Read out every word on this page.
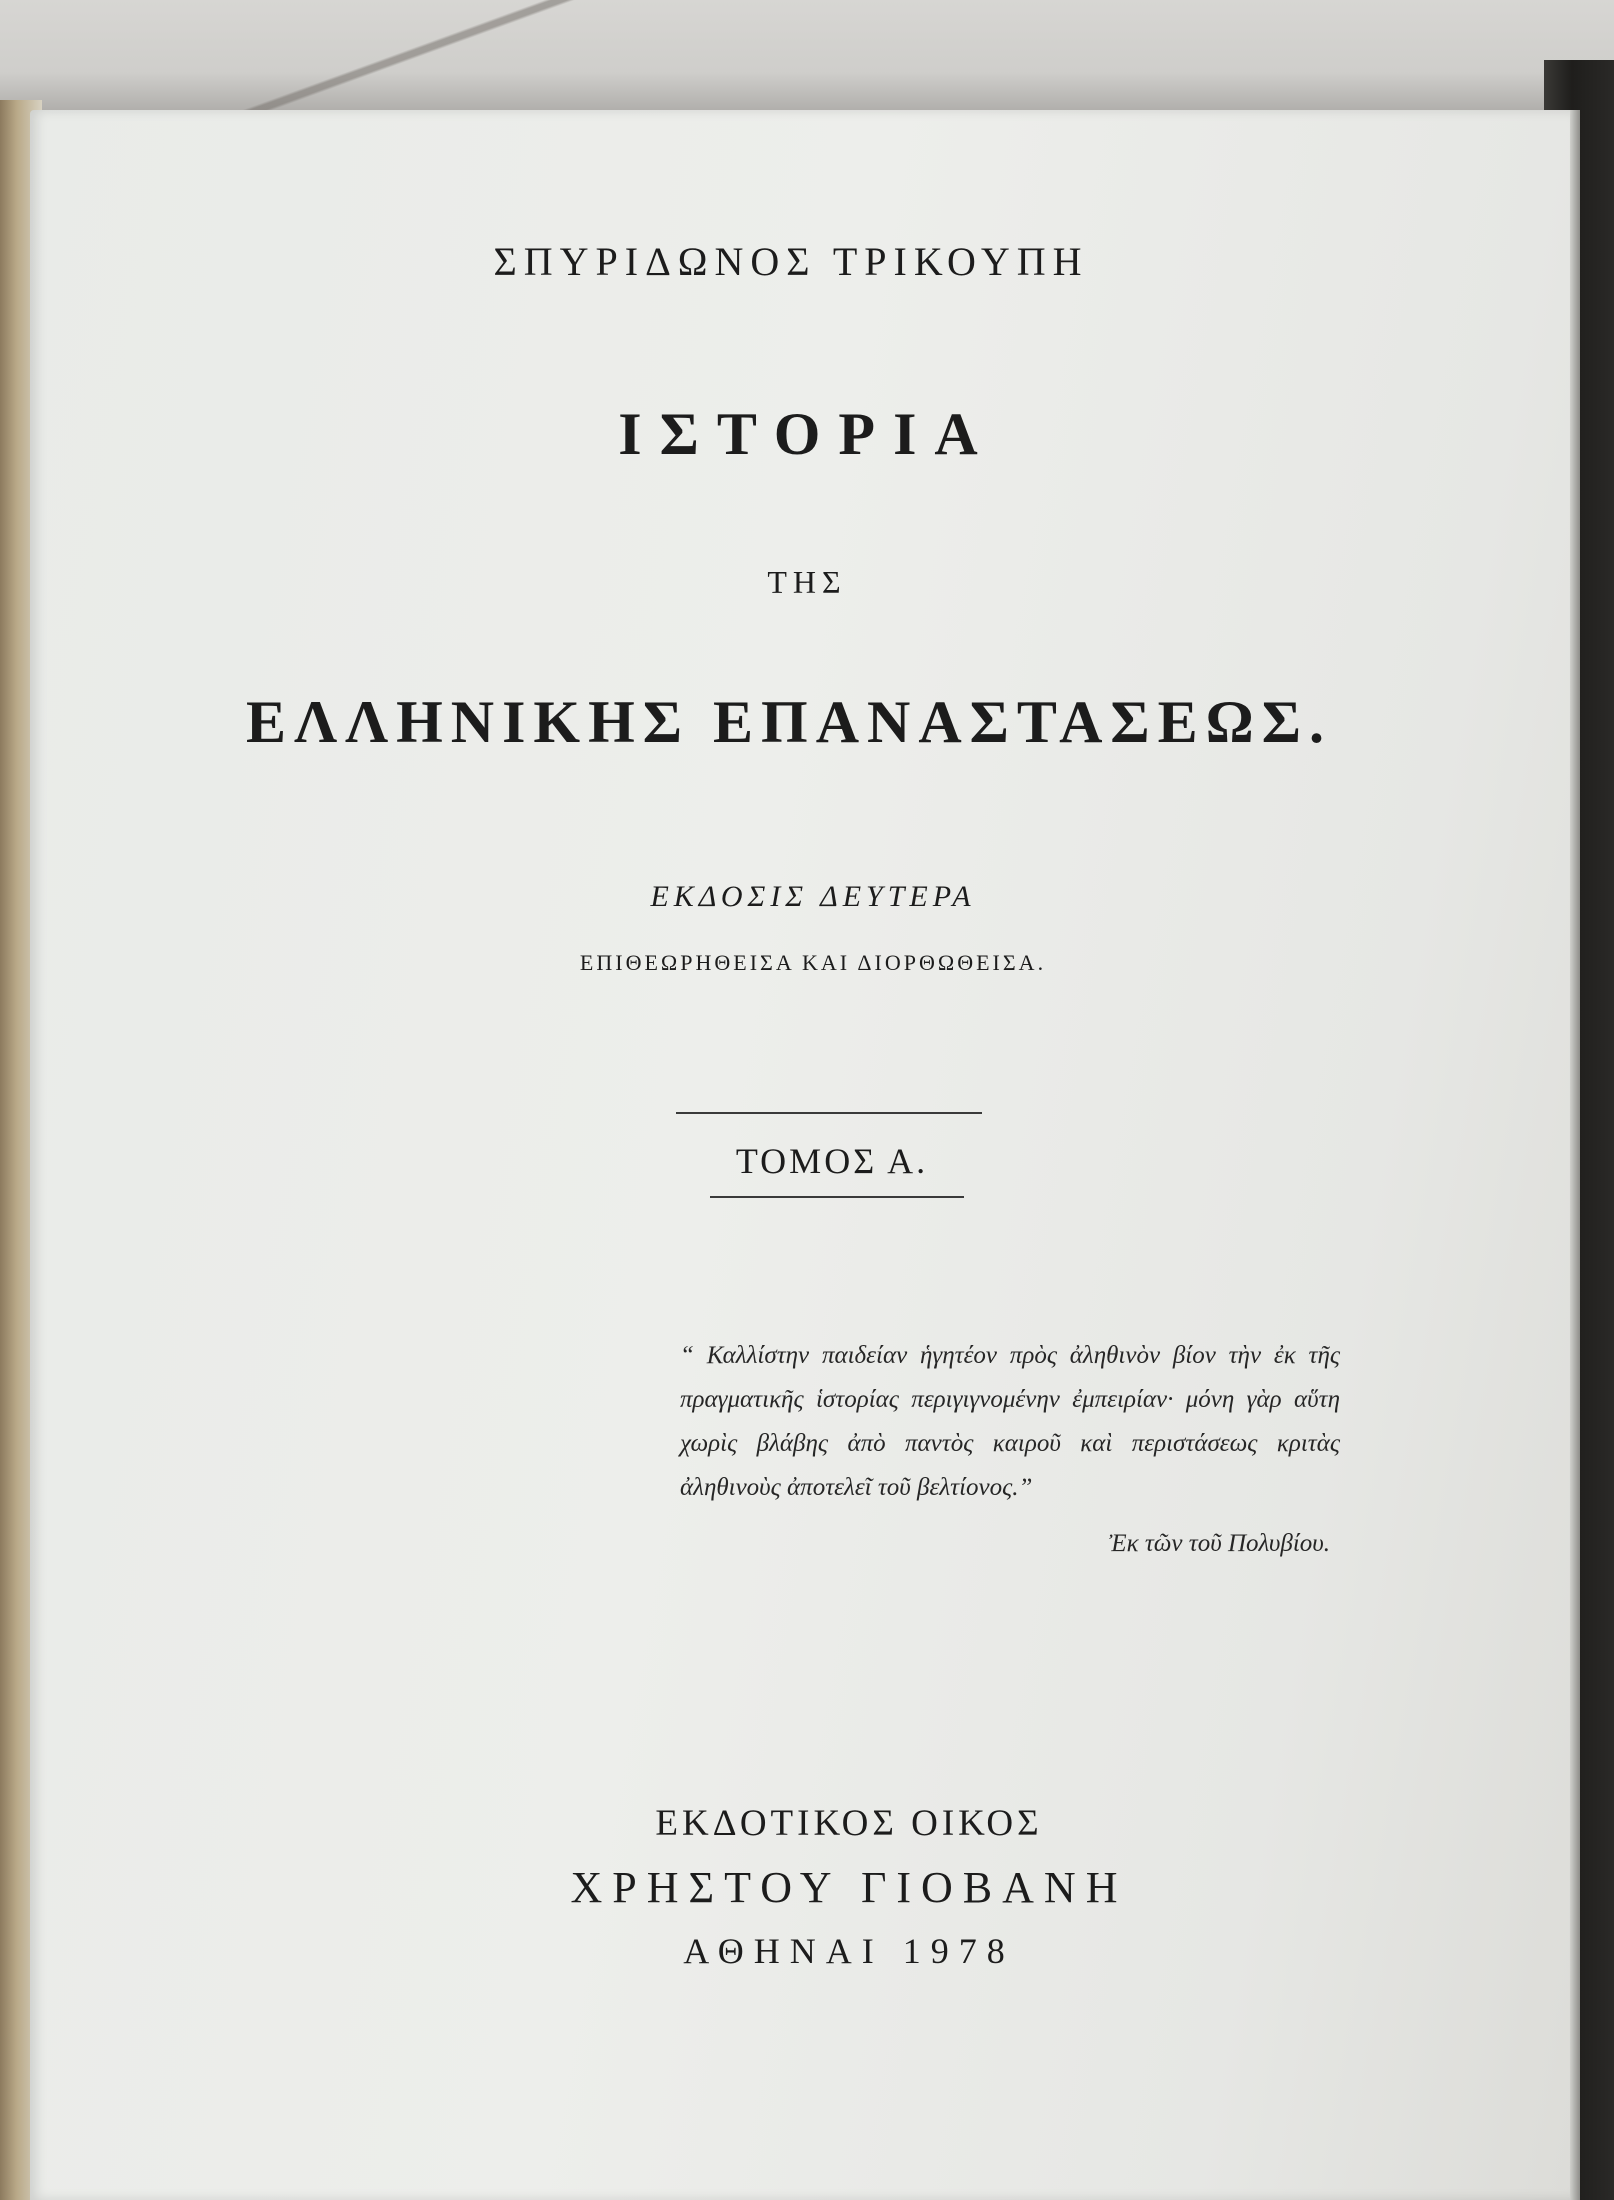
ΣΠΥΡΙΔΩΝΟΣ ΤΡΙΚΟΥΠΗ
ΙΣΤΟΡΙΑ
ΤΗΣ
ΕΛΛΗΝΙΚΗΣ ΕΠΑΝΑΣΤΑΣΕΩΣ.
ΕΚΔΟΣΙΣ ΔΕΥΤΕΡΑ
ΕΠΙΘΕΩΡΗΘΕΙΣΑ ΚΑΙ ΔΙΟΡΘΩΘΕΙΣΑ.
ΤΟΜΟΣ Α.
“ Καλλίστην παιδείαν ἡγητέον πρὸς ἀληθινὸν βίον τὴν ἐκ τῆς πραγματικῆς ἱστορίας περιγιγνομένην ἐμπειρίαν· μόνη γὰρ αὕτη χωρὶς βλάβης ἀπὸ παντὸς καιροῦ καὶ περιστάσεως κριτὰς ἀληθινοὺς ἀποτελεῖ τοῦ βελτίονος.”
Ἐκ τῶν τοῦ Πολυβίου.
ΕΚΔΟΤΙΚΟΣ ΟΙΚΟΣ
ΧΡΗΣΤΟΥ ΓΙΟΒΑΝΗ
ΑΘΗΝΑΙ 1978
